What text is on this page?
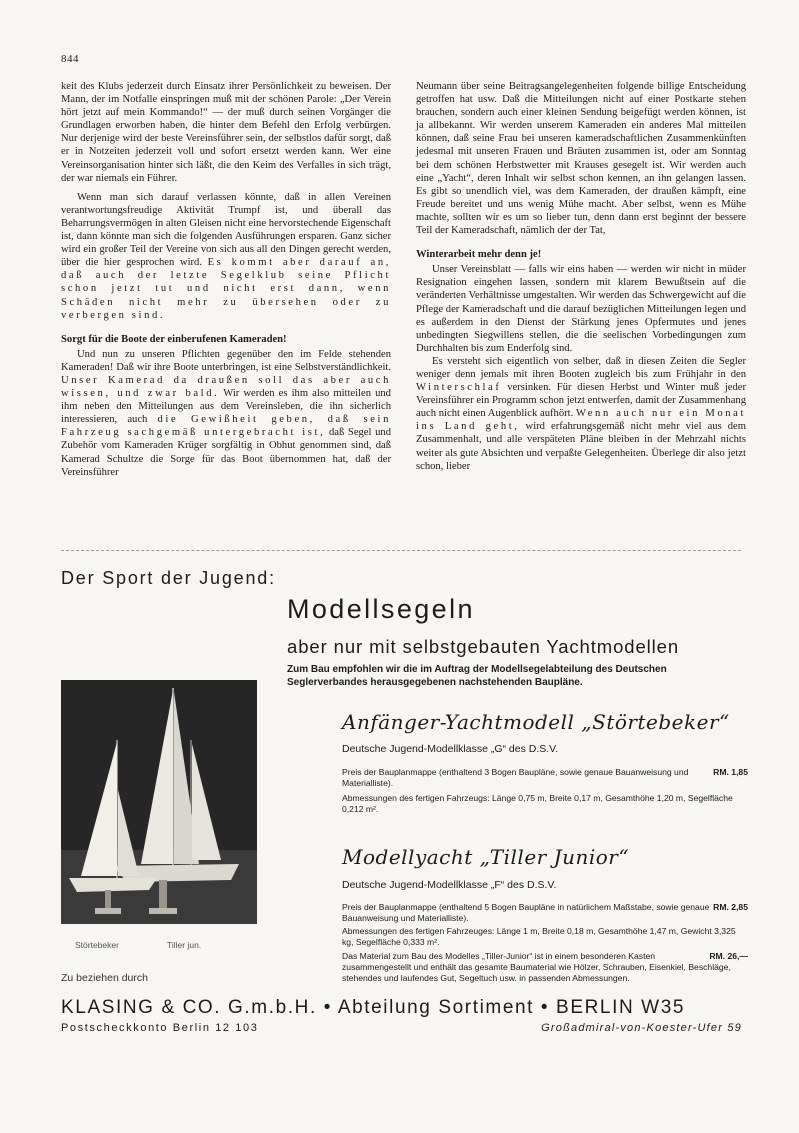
844

keit des Klubs jederzeit durch Einsatz ihrer Persönlichkeit zu beweisen. Der Mann, der im Notfalle einspringen muß mit der schönen Parole: „Der Verein hört jetzt auf mein Kommando!“ — der muß durch seinen Vorgänger die Grundlagen erworben haben, die hinter dem Befehl den Erfolg verbürgen. Nur derjenige wird der beste Vereinsführer sein, der selbstlos dafür sorgt, daß er in Notzeiten jederzeit voll und sofort ersetzt werden kann. Wer eine Vereinsorganisation hinter sich läßt, die den Keim des Verfalles in sich trägt, der war niemals ein Führer.

Wenn man sich darauf verlassen könnte, daß in allen Vereinen verantwortungsfreudige Aktivität Trumpf ist, und überall das Beharrungsvermögen in alten Gleisen nicht eine hervorstechende Eigenschaft ist, dann könnte man sich die folgenden Ausführungen ersparen. Ganz sicher wird ein großer Teil der Vereine von sich aus all den Dingen gerecht werden, über die hier gesprochen wird. Es kommt aber darauf an, daß auch der letzte Segelklub seine Pflicht schon jetzt tut und nicht erst dann, wenn Schäden nicht mehr zu übersehen oder zu verbergen sind.

Sorgt für die Boote der einberufenen Kameraden!

Und nun zu unseren Pflichten gegenüber den im Felde stehenden Kameraden! Daß wir ihre Boote unterbringen, ist eine Selbstverständlichkeit. Unser Kamerad da draußen soll das aber auch wissen, und zwar bald. Wir werden es ihm also mitteilen und ihm neben den Mitteilungen aus dem Vereinsleben, die ihn sicherlich interessieren, auch die Gewißheit geben, daß sein Fahrzeug sachgemäß untergebracht ist, daß Segel und Zubehör vom Kameraden Krüger sorgfältig in Obhut genommen sind, daß Kamerad Schultze die Sorge für das Boot übernommen hat, daß der Vereinsführer

Neumann über seine Beitragsangelegenheiten folgende billige Entscheidung getroffen hat usw. Daß die Mitteilungen nicht auf einer Postkarte stehen brauchen, sondern auch einer kleinen Sendung beigefügt werden können, ist ja allbekannt. Wir werden unserem Kameraden ein anderes Mal mitteilen können, daß seine Frau bei unseren kameradschaftlichen Zusammenkünften jedesmal mit unseren Frauen und Bräuten zusammen ist, oder am Sonntag bei dem schönen Herbstwetter mit Krauses gesegelt ist. Wir werden auch eine „Yacht“, deren Inhalt wir selbst schon kennen, an ihn gelangen lassen. Es gibt so unendlich viel, was dem Kameraden, der draußen kämpft, eine Freude bereitet und uns wenig Mühe macht. Aber selbst, wenn es Mühe machte, sollten wir es um so lieber tun, denn dann erst beginnt der bessere Teil der Kameradschaft, nämlich der der Tat,

Winterarbeit mehr denn je!

Unser Vereinsblatt — falls wir eins haben — werden wir nicht in müder Resignation eingehen lassen, sondern mit klarem Bewußtsein auf die veränderten Verhältnisse umgestalten. Wir werden das Schwergewicht auf die Pflege der Kameradschaft und die darauf bezüglichen Mitteilungen legen und es außerdem in den Dienst der Stärkung jenes Opfermutes und jenes unbedingten Siegwillens stellen, die die seelischen Vorbedingungen zum Durchhalten bis zum Enderfolg sind.

Es versteht sich eigentlich von selber, daß in diesen Zeiten die Segler weniger denn jemals mit ihren Booten zugleich bis zum Frühjahr in den Winterschlaf versinken. Für diesen Herbst und Winter muß jeder Vereinsführer ein Programm schon jetzt entwerfen, damit der Zusammenhang auch nicht einen Augenblick aufhört. Wenn auch nur ein Monat ins Land geht, wird erfahrungsgemäß nicht mehr viel aus dem Zusammenhalt, und alle verspäteten Pläne bleiben in der Mehrzahl nichts weiter als gute Absichten und verpaßte Gelegenheiten. Überlege dir also jetzt schon, lieber

Der Sport der Jugend:
Modellsegeln
aber nur mit selbstgebauten Yachtmodellen
Zum Bau empfohlen wir die im Auftrag der Modellsegelabteilung des Deutschen Seglerverbandes herausgegebenen nachstehenden Baupläne.
Störtebeker	Tiller jun.
Zu beziehen durch
Anfänger-Yachtmodell „Störtebeker“
Deutsche Jugend-Modellklasse „G“ des D.S.V.
RM. 1,85
Preis der Bauplanmappe (enthaltend 3 Bogen Baupläne, sowie genaue Bauanweisung und Materialliste).
Abmessungen des fertigen Fahrzeugs: Länge 0,75 m, Breite 0,17 m, Gesamthöhe 1,20 m, Segelfläche 0,212 m².
Modellyacht „Tiller Junior“
Deutsche Jugend-Modellklasse „F“ des D.S.V.
RM. 2,85
Preis der Bauplanmappe (enthaltend 5 Bogen Baupläne in natürlichem Maßstabe, sowie genaue Bauanweisung und Materialliste).
Abmessungen des fertigen Fahrzeuges: Länge 1 m, Breite 0,18 m, Gesamthöhe 1,47 m, Gewicht 3,325 kg, Segelfläche 0,333 m².
RM. 26,—
Das Material zum Bau des Modelles „Tiller-Junior“ ist in einem besonderen Kasten zusammengestellt und enthält das gesamte Baumaterial wie Hölzer, Schrauben, Eisenkiel, Beschläge, stehendes und laufendes Gut, Segeltuch usw. in passenden Abmessungen.
KLASING & CO. G.m.b.H. • Abteilung Sortiment • BERLIN W35
Postscheckkonto Berlin 12 103	Großadmiral-von-Koester-Ufer 59
